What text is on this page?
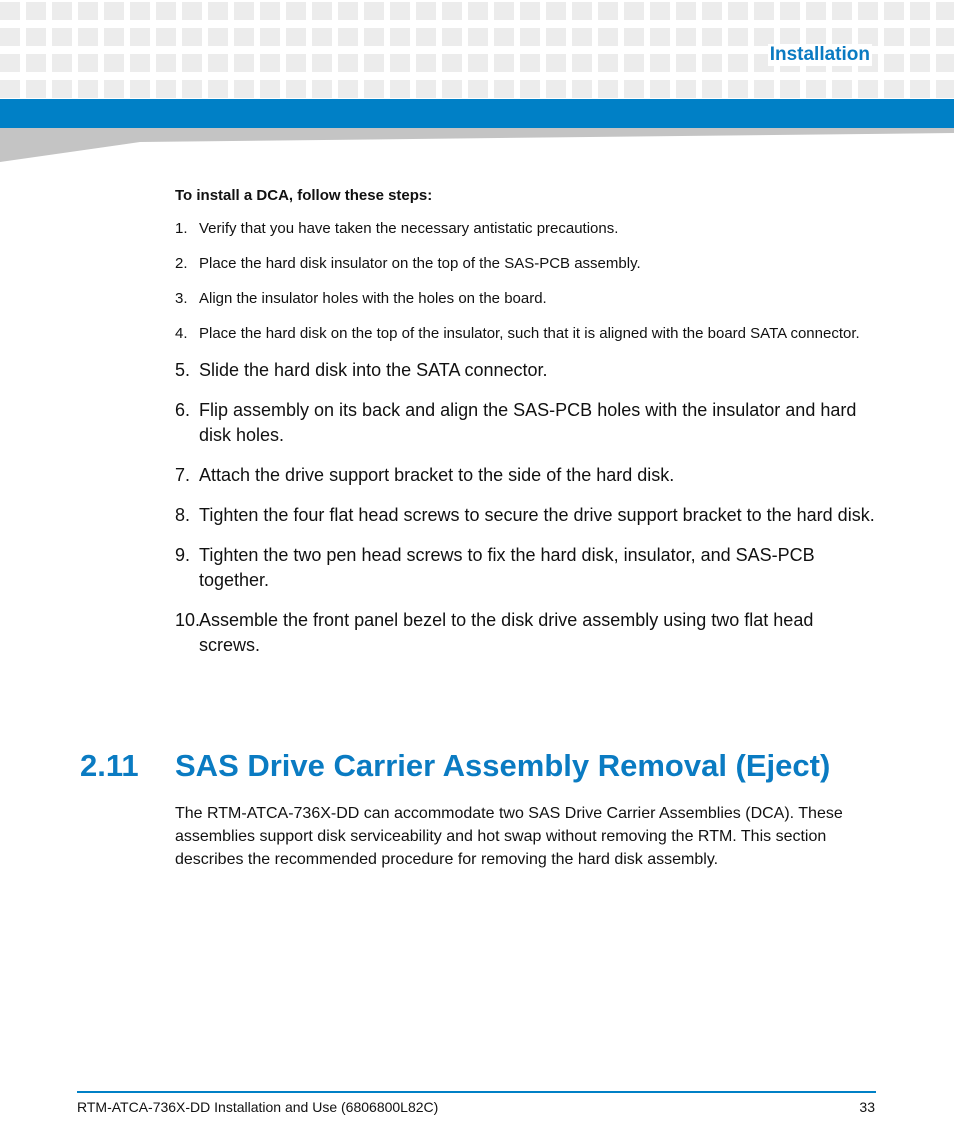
Installation

To install a DCA, follow these steps:

1. Verify that you have taken the necessary antistatic precautions.
2. Place the hard disk insulator on the top of the SAS-PCB assembly.
3. Align the insulator holes with the holes on the board.
4. Place the hard disk on the top of the insulator, such that it is aligned with the board SATA connector.
5. Slide the hard disk into the SATA connector.
6. Flip assembly on its back and align the SAS-PCB holes with the insulator and hard disk holes.
7. Attach the drive support bracket to the side of the hard disk.
8. Tighten the four flat head screws to secure the drive support bracket to the hard disk.
9. Tighten the two pen head screws to fix the hard disk, insulator, and SAS-PCB together.
10.
Assemble the front panel bezel to the disk drive assembly using two flat head screws.
2.11 SAS Drive Carrier Assembly Removal (Eject)

The RTM-ATCA-736X-DD can accommodate two SAS Drive Carrier Assemblies (DCA). These assemblies support disk serviceability and hot swap without removing the RTM. This section describes the recommended procedure for removing the hard disk assembly.

RTM-ATCA-736X-DD Installation and Use (6806800L82C)	33
